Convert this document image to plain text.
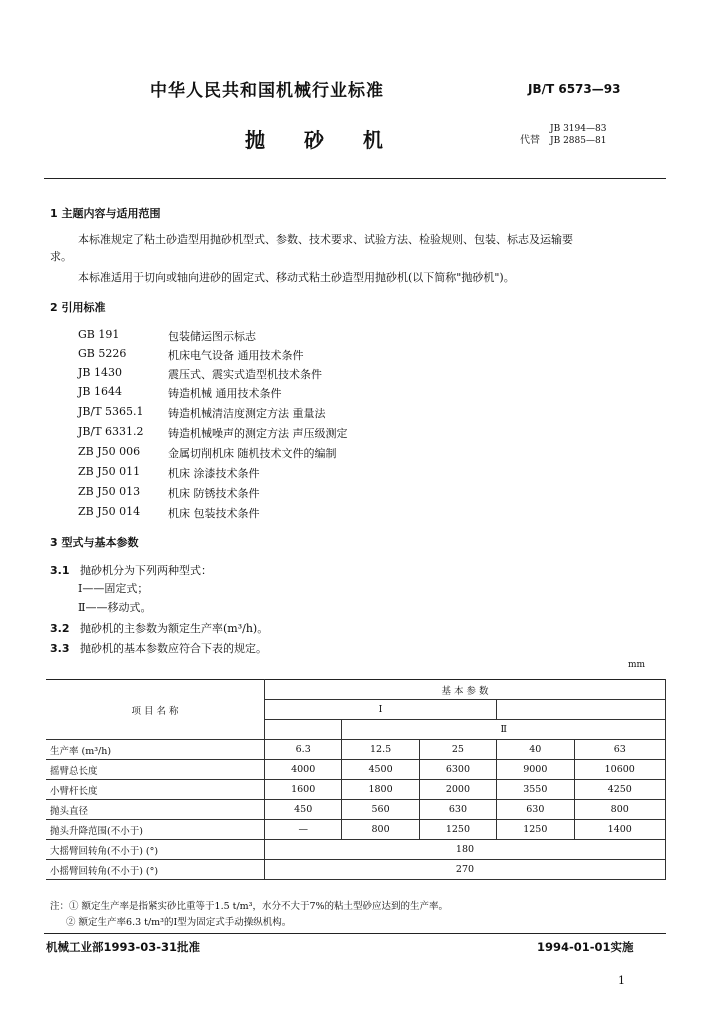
中华人民共和国机械行业标准	JB/T 6573—93
抛 砂 机	代替
JB 3194—83
JB 2885—81
1 主题内容与适用范围
本标准规定了粘土砂造型用抛砂机型式、参数、技术要求、试验方法、检验规则、包装、标志及运输要
求。
本标准适用于切向或轴向进砂的固定式、移动式粘土砂造型用抛砂机(以下简称"抛砂机")。
2 引用标准
GB 191	包装储运图示标志
GB 5226	机床电气设备 通用技术条件
JB 1430	震压式、震实式造型机技术条件
JB 1644	铸造机械 通用技术条件
JB/T 5365.1 铸造机械清洁度测定方法 重量法
JB/T 6331.2 铸造机械噪声的测定方法 声压级测定
ZB J50 006	金属切削机床 随机技术文件的编制
ZB J50 011	机床 涂漆技术条件
ZB J50 013	机床 防锈技术条件
ZB J50 014	机床 包装技术条件
3 型式与基本参数
3.1 抛砂机分为下列两种型式：
Ⅰ——固定式；
Ⅱ——移动式。
3.2 抛砂机的主参数为额定生产率(m³/h)。
3.3 抛砂机的基本参数应符合下表的规定。
mm
项 目 名 称	基 本 参 数				
	Ⅰ				
		Ⅱ			
生产率 (m³/h)	6.3	12.5	25	40	63
摇臂总长度	4000	4500	6300	9000	10600
小臂杆长度	1600	1800	2000	3550	4250
抛头直径	450	560	630	630	800
抛头升降范围(不小于)	—	800	1250	1250	1400
大摇臂回转角(不小于) (°)	180				
小摇臂回转角(不小于) (°)	270				
注：① 额定生产率是指紧实砂比重等于1.5 t/m³，水分不大于7%的粘土型砂应达到的生产率。
② 额定生产率6.3 t/m³的Ⅰ型为固定式手动操纵机构。
机械工业部1993-03-31批准	1994-01-01实施
1
